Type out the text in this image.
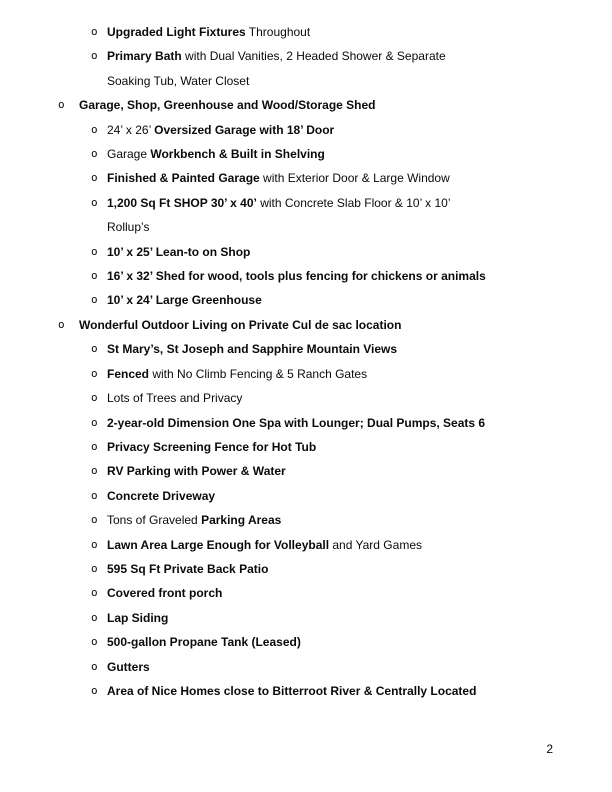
o Upgraded Light Fixtures Throughout
o Primary Bath with Dual Vanities, 2 Headed Shower & Separate
Soaking Tub, Water Closet
o Garage, Shop, Greenhouse and Wood/Storage Shed
o 24’ x 26’ Oversized Garage with 18’ Door
o Garage Workbench & Built in Shelving
o Finished & Painted Garage with Exterior Door & Large Window
o 1,200 Sq Ft SHOP 30’ x 40’ with Concrete Slab Floor & 10’ x 10’
Rollup’s
o 10’ x 25’ Lean-to on Shop
o 16’ x 32’ Shed for wood, tools plus fencing for chickens or animals
o 10’ x 24’ Large Greenhouse
o Wonderful Outdoor Living on Private Cul de sac location
o St Mary’s, St Joseph and Sapphire Mountain Views
o Fenced with No Climb Fencing & 5 Ranch Gates
o Lots of Trees and Privacy
o 2-year-old Dimension One Spa with Lounger; Dual Pumps, Seats 6
o Privacy Screening Fence for Hot Tub
o RV Parking with Power & Water
o Concrete Driveway
o Tons of Graveled Parking Areas
o Lawn Area Large Enough for Volleyball and Yard Games
o 595 Sq Ft Private Back Patio
o Covered front porch
o Lap Siding
o 500-gallon Propane Tank (Leased)
o Gutters
o Area of Nice Homes close to Bitterroot River & Centrally Located
2
